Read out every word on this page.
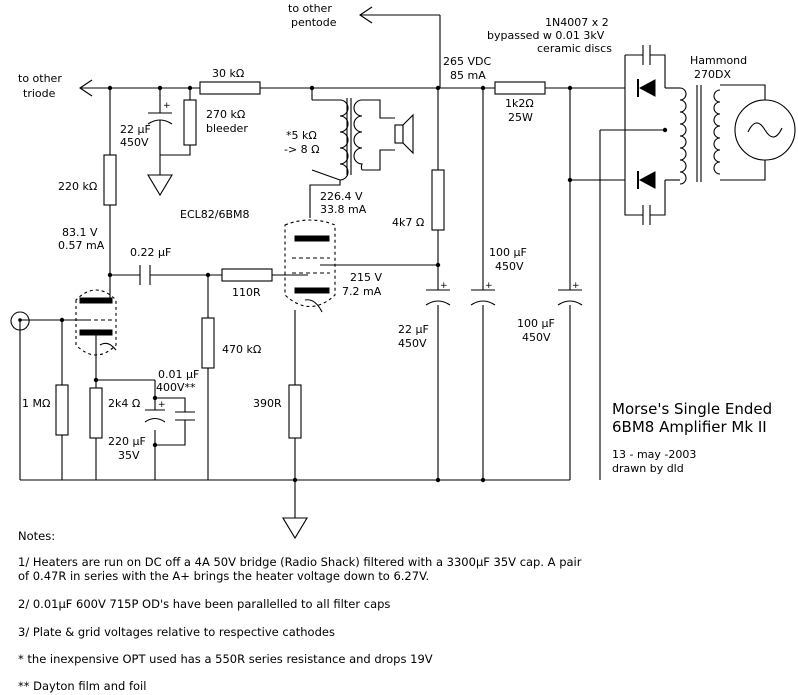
+
+
+	+	+
to other
pentode
to other
triode
30 kΩ
22 µF
450V
270 kΩ
bleeder
220 kΩ
83.1 V
0.57 mA
ECL82/6BM8
0.22 µF
110R
470 kΩ
1 MΩ	2k4 Ω
0.01 µF
400V**
220 µF
35V
390R
*5 kΩ
-> 8 Ω
226.4 V
33.8 mA
215 V
7.2 mA
4k7 Ω
265 VDC
85 mA
1k2Ω
25W
100 µF
450V
22 µF
450V
100 µF
450V
1N4007 x 2
bypassed w 0.01 3kV
ceramic discs
Hammond
270DX
Morse's Single Ended
6BM8 Amplifier Mk II
13 - may -2003
drawn by dld
Notes:
1/ Heaters are run on DC off a 4A 50V bridge (Radio Shack) filtered with a 3300µF 35V cap. A pair
of 0.47R in series with the A+ brings the heater voltage down to 6.27V.
2/ 0.01µF 600V 715P OD's have been parallelled to all filter caps
3/ Plate & grid voltages relative to respective cathodes
* the inexpensive OPT used has a 550R series resistance and drops 19V
** Dayton film and foil
